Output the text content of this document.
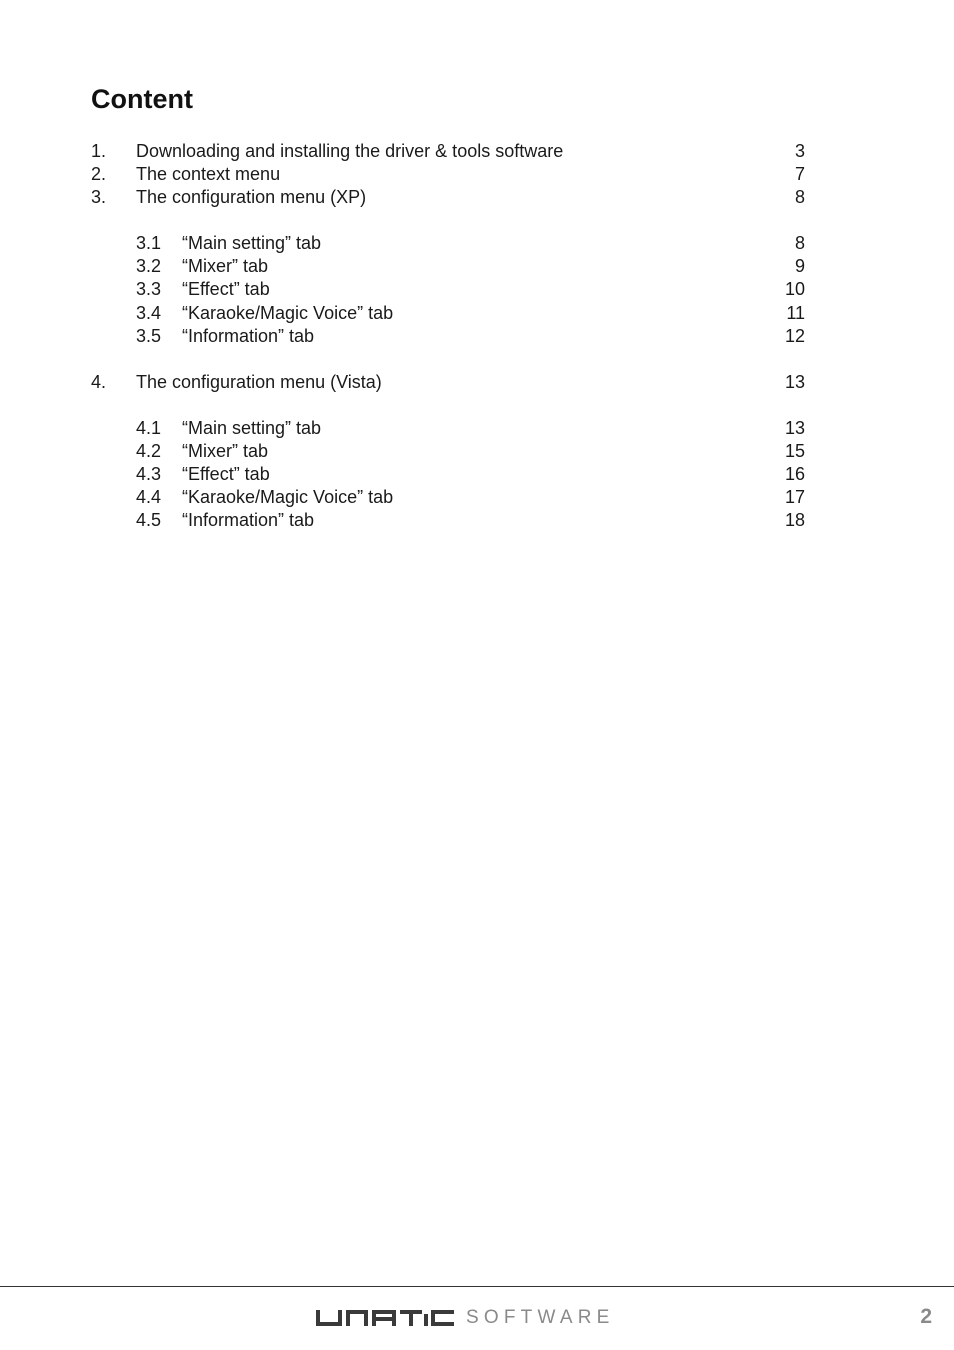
Content
1. Downloading and installing the driver & tools software	3
2. The context menu	7
3. The configuration menu (XP)	8
3.1 “Main setting” tab	8
3.2 “Mixer” tab	9
3.3 “Effect” tab	10
3.4 “Karaoke/Magic Voice” tab	11
3.5 “Information” tab	12
4. The configuration menu (Vista)	13
4.1 “Main setting” tab	13
4.2 “Mixer” tab	15
4.3 “Effect” tab	16
4.4 “Karaoke/Magic Voice” tab	17
4.5 “Information” tab	18
SOFTWARE	2
